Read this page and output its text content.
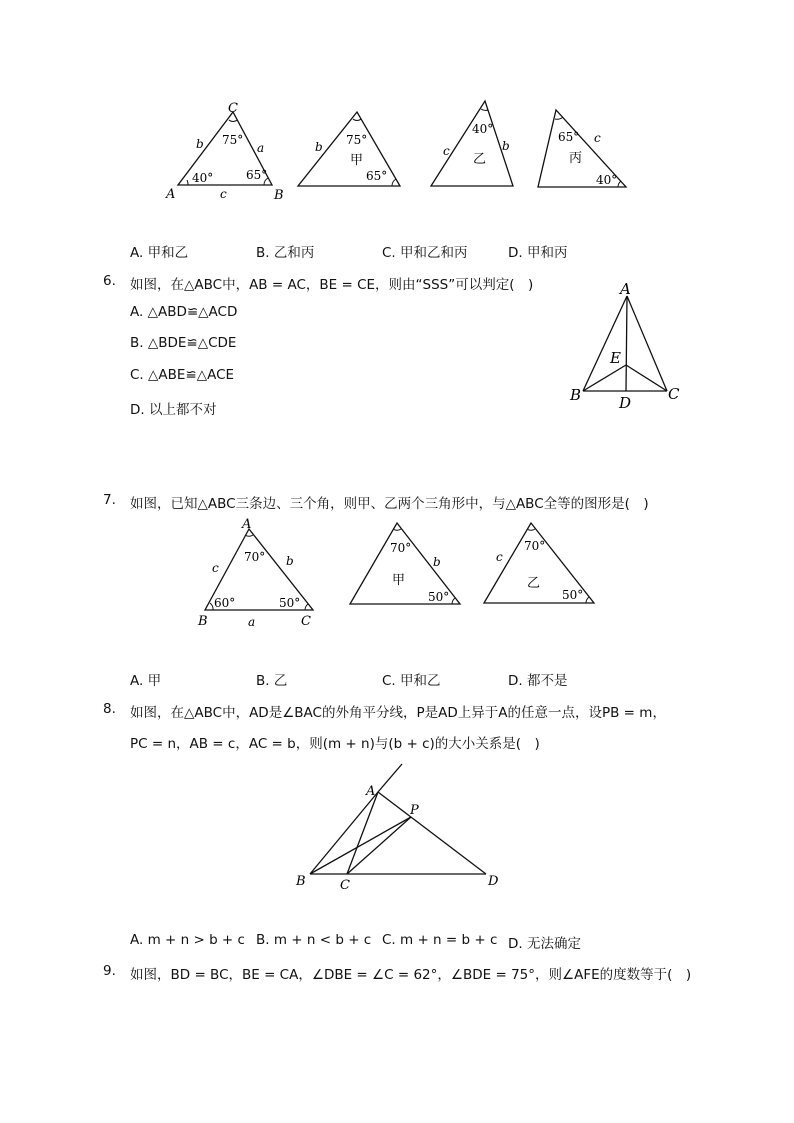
C
A	B
b	a
c
75°
40°	65°
b 75°
甲
65°
40°
c	b
乙
65° c
丙
40°
A. 甲和乙	B. 乙和丙	C. 甲和乙和丙	D. 甲和丙
6. 如图，在△ABC中，AB = AC，BE = CE，则由“SSS”可以判定(　)
A. △ABD≌△ACD
B. △BDE≌△CDE
C. △ABE≌△ACE
D. 以上都不对
A
E
B	D C
7. 如图，已知△ABC三条边、三个角，则甲、乙两个三角形中，与△ABC全等的图形是(　)
A
B	C
c	b
a
70°
60°	50°
70°
b
甲
50°
70°
c
乙
50°
A. 甲	B. 乙	C. 甲和乙	D. 都不是
8. 如图，在△ABC中，AD是∠BAC的外角平分线，P是AD上异于A的任意一点，设PB = m，
PC = n，AB = c，AC = b，则(m + n)与(b + c)的大小关系是(　)
A
P
B	C	D
A. m + n > b + c B. m + n < b + c C. m + n = b + c D. 无法确定
9. 如图，BD = BC，BE = CA，∠DBE = ∠C = 62°，∠BDE = 75°，则∠AFE的度数等于(　)
